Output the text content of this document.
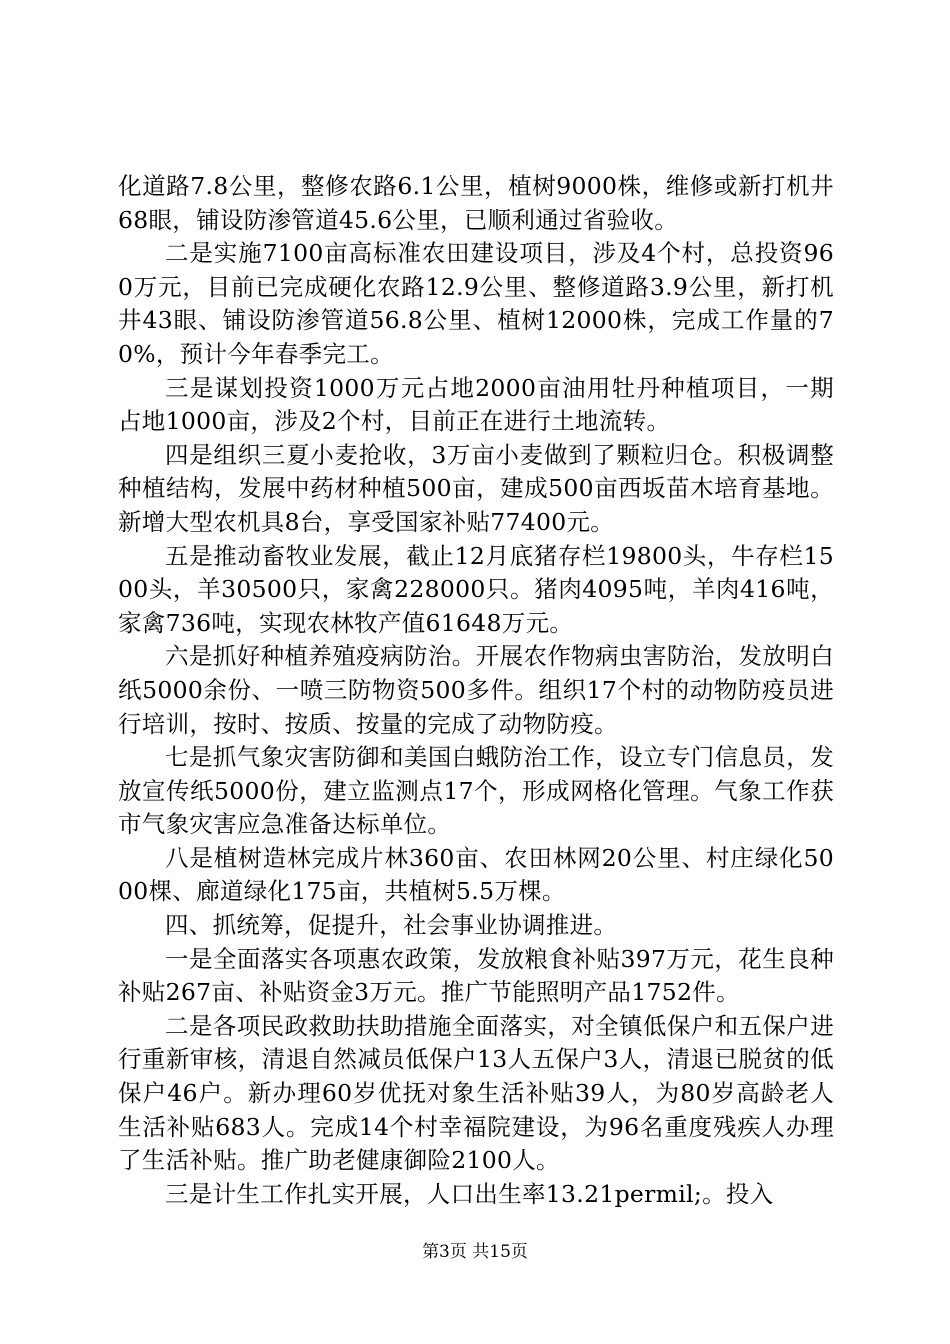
化道路7.8公里，整修农路6.1公里，植树9000株，维修或新打机井68眼，铺设防渗管道45.6公里，已顺利通过省验收。

二是实施7100亩高标准农田建设项目，涉及4个村，总投资960万元，目前已完成硬化农路12.9公里、整修道路3.9公里，新打机井43眼、铺设防渗管道56.8公里、植树12000株，完成工作量的70%，预计今年春季完工。

三是谋划投资1000万元占地2000亩油用牡丹种植项目，一期占地1000亩，涉及2个村，目前正在进行土地流转。

四是组织三夏小麦抢收，3万亩小麦做到了颗粒归仓。积极调整种植结构，发展中药材种植500亩，建成500亩西坂苗木培育基地。新增大型农机具8台，享受国家补贴77400元。

五是推动畜牧业发展，截止12月底猪存栏19800头，牛存栏1500头，羊30500只，家禽228000只。猪肉4095吨，羊肉416吨，家禽736吨，实现农林牧产值61648万元。

六是抓好种植养殖疫病防治。开展农作物病虫害防治，发放明白纸5000余份、一喷三防物资500多件。组织17个村的动物防疫员进行培训，按时、按质、按量的完成了动物防疫。

七是抓气象灾害防御和美国白蛾防治工作，设立专门信息员，发放宣传纸5000份，建立监测点17个，形成网格化管理。气象工作获市气象灾害应急准备达标单位。

八是植树造林完成片林360亩、农田林网20公里、村庄绿化5000棵、廊道绿化175亩，共植树5.5万棵。

四、抓统筹，促提升，社会事业协调推进。

一是全面落实各项惠农政策，发放粮食补贴397万元，花生良种补贴267亩、补贴资金3万元。推广节能照明产品1752件。

二是各项民政救助扶助措施全面落实，对全镇低保户和五保户进行重新审核，清退自然减员低保户13人五保户3人，清退已脱贫的低保户46户。新办理60岁优抚对象生活补贴39人，为80岁高龄老人生活补贴683人。完成14个村幸福院建设，为96名重度残疾人办理了生活补贴。推广助老健康御险2100人。

三是计生工作扎实开展，人口出生率13.21permil;。投入

第3页 共15页
